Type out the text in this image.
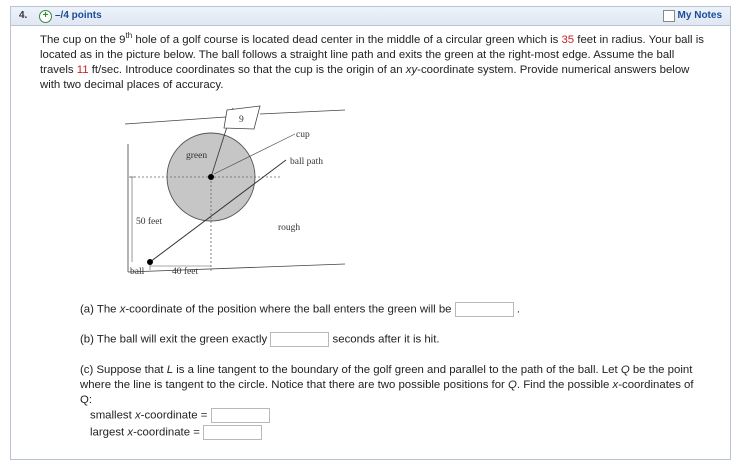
4.	+ –/4 points	My Notes
The cup on the 9th hole of a golf course is located dead center in the middle of a circular green which is 35 feet in radius. Your ball is located as in the picture below. The ball follows a straight line path and exits the green at the right-most edge. Assume the ball travels 11 ft/sec. Introduce coordinates so that the cup is the origin of an xy-coordinate system. Provide numerical answers below with two decimal places of accuracy.
9
cup
green
ball path
50 feet
rough
ball	40 feet
(a) The x-coordinate of the position where the ball enters the green will be	.
(b) The ball will exit the green exactly	seconds after it is hit.
(c) Suppose that L is a line tangent to the boundary of the golf green and parallel to the path of the ball. Let Q be the point where the line is tangent to the circle. Notice that there are two possible positions for Q. Find the possible x-coordinates of Q:
smallest x-coordinate =
largest x-coordinate =
